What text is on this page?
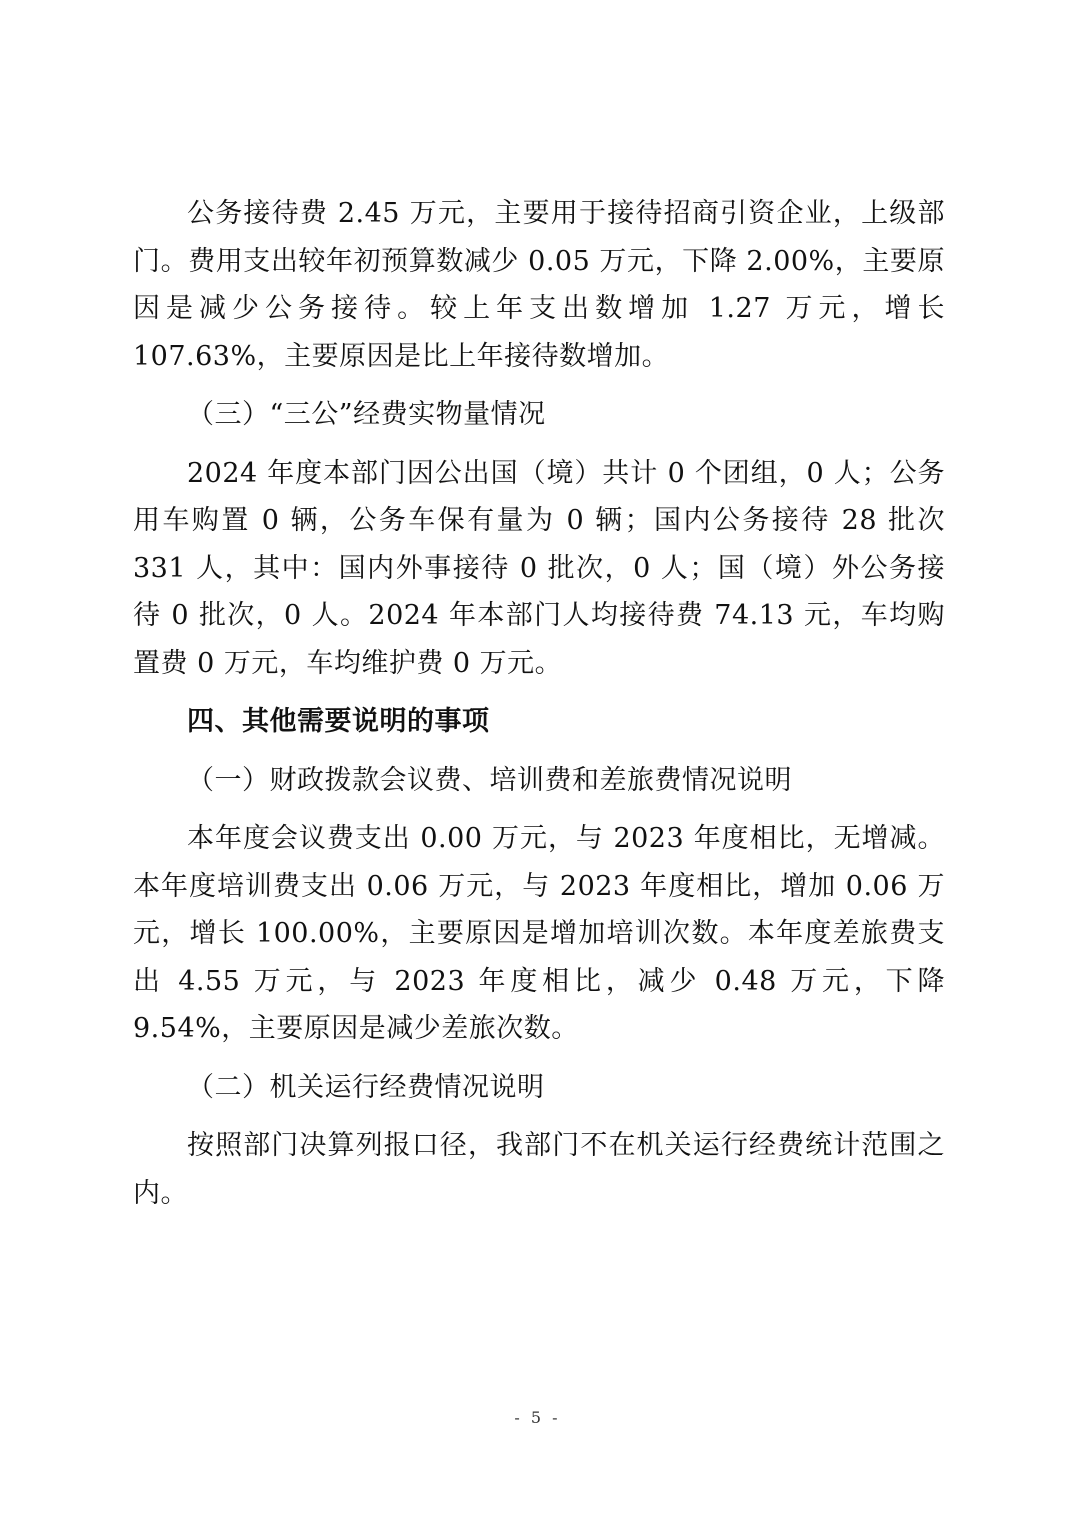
公务接待费 2.45 万元，主要用于接待招商引资企业，上级部门。费用支出较年初预算数减少 0.05 万元，下降 2.00%，主要原因是减少公务接待。较上年支出数增加 1.27 万元，增长 107.63%，主要原因是比上年接待数增加。

（三）“三公”经费实物量情况

2024 年度本部门因公出国（境）共计 0 个团组，0 人；公务用车购置 0 辆，公务车保有量为 0 辆；国内公务接待 28 批次 331 人，其中：国内外事接待 0 批次，0 人；国（境）外公务接待 0 批次，0 人。2024 年本部门人均接待费 74.13 元，车均购置费 0 万元，车均维护费 0 万元。

四、其他需要说明的事项

（一）财政拨款会议费、培训费和差旅费情况说明

本年度会议费支出 0.00 万元，与 2023 年度相比，无增减。本年度培训费支出 0.06 万元，与 2023 年度相比，增加 0.06 万元，增长 100.00%，主要原因是增加培训次数。本年度差旅费支出 4.55 万元，与 2023 年度相比，减少 0.48 万元，下降 9.54%，主要原因是减少差旅次数。

（二）机关运行经费情况说明

按照部门决算列报口径，我部门不在机关运行经费统计范围之内。

- 5 -
